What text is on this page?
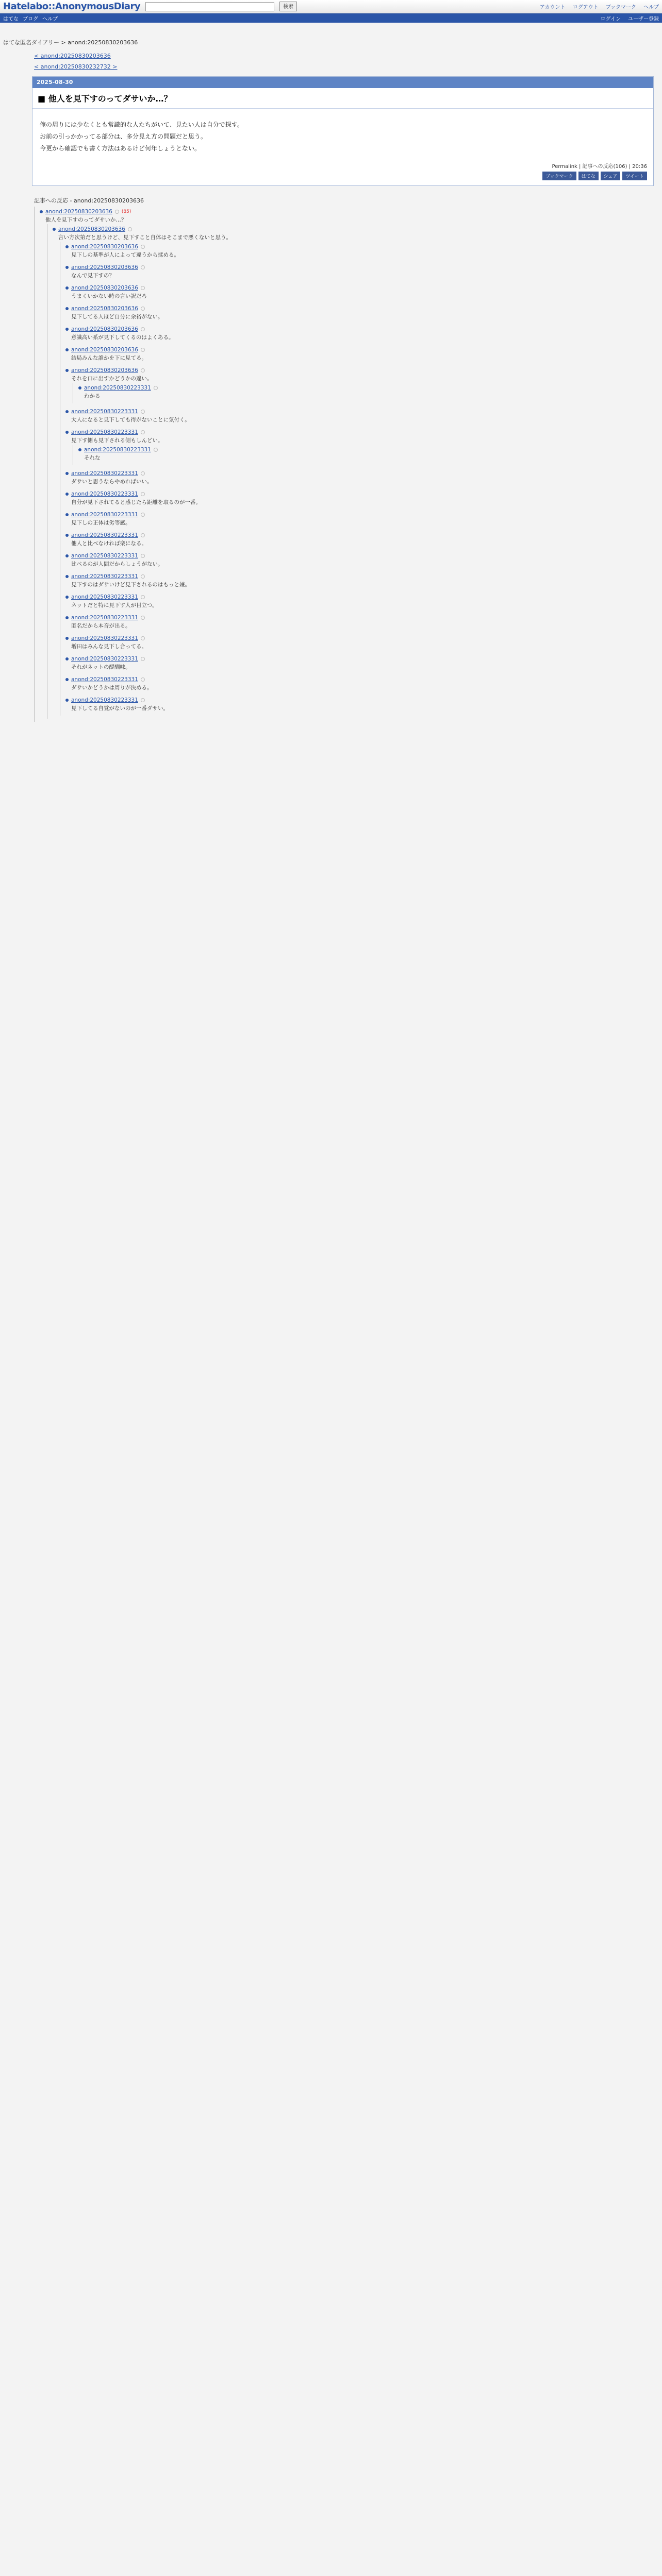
Hatelabo::AnonymousDiary	検索	アカウント ログアウト ブックマーク ヘルプ
はてな ブログ ヘルプ	ログイン ユーザー登録
はてな匿名ダイアリー > anond:20250830203636
< anond:20250830203636
< anond:20250830232732 >
2025-08-30
■ 他人を見下すのってダサいか…？
俺の周りには少なくとも常識的な人たちがいて、見たい人は自分で探す。
お前の引っかかってる部分は、多分見え方の問題だと思う。
今更から確認でも書く方法はあるけど何年しょうとない。
Permalink | 記事への反応(106) | 20:36
ブックマーク	はてな	シェア	ツイート
記事への反応 - anond:20250830203636
anond:20250830203636 (85)
他人を見下すのってダサいか…？
anond:20250830203636
言い方次第だと思うけど、見下すこと自体はそこまで悪くないと思う。
anond:20250830203636
見下しの基準が人によって違うから揉める。
anond:20250830203636
なんで見下すの？
anond:20250830203636
うまくいかない時の言い訳だろ
anond:20250830203636
見下してる人ほど自分に余裕がない。
anond:20250830203636
意識高い系が見下してくるのはよくある。
anond:20250830203636
結局みんな誰かを下に見てる。
anond:20250830203636
それを口に出すかどうかの違い。
anond:20250830223331
わかる
anond:20250830223331
大人になると見下しても得がないことに気付く。
anond:20250830223331
見下す側も見下される側もしんどい。
anond:20250830223331
それな
anond:20250830223331
ダサいと思うならやめればいい。
anond:20250830223331
自分が見下されてると感じたら距離を取るのが一番。
anond:20250830223331
見下しの正体は劣等感。
anond:20250830223331
他人と比べなければ楽になる。
anond:20250830223331
比べるのが人間だからしょうがない。
anond:20250830223331
見下すのはダサいけど見下されるのはもっと嫌。
anond:20250830223331
ネットだと特に見下す人が目立つ。
anond:20250830223331
匿名だから本音が出る。
anond:20250830223331
増田はみんな見下し合ってる。
anond:20250830223331
それがネットの醍醐味。
anond:20250830223331
ダサいかどうかは周りが決める。
anond:20250830223331
見下してる自覚がないのが一番ダサい。
